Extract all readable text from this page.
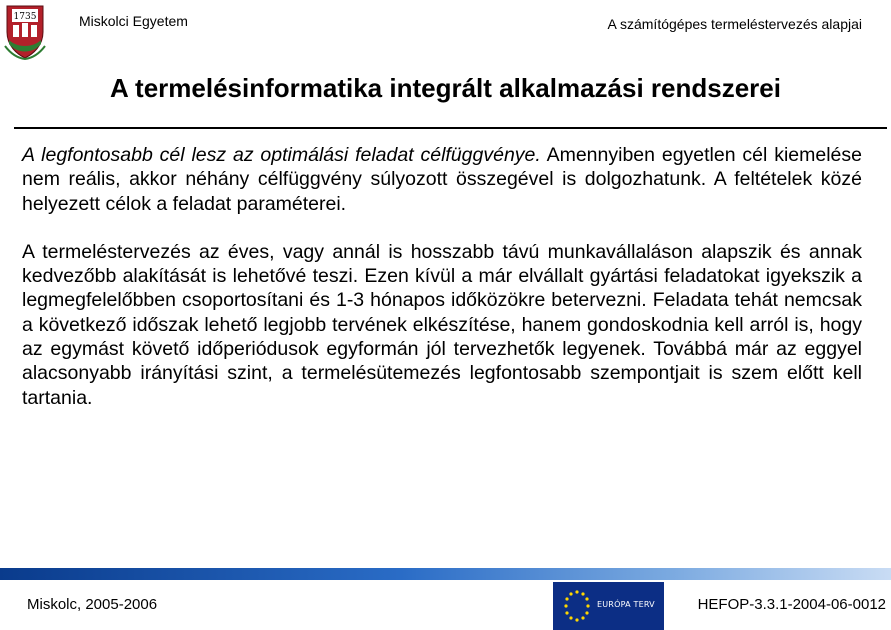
1735	Miskolci Egyetem	A számítógépes termeléstervezés alapjai
A termelésinformatika integrált alkalmazási rendszerei

A legfontosabb cél lesz az optimálási feladat célfüggvénye. Amennyiben egyetlen cél kiemelése nem reális, akkor néhány célfüggvény súlyozott összegével is dolgozhatunk. A feltételek közé helyezett célok a feladat paraméterei.

A termeléstervezés az éves, vagy annál is hosszabb távú munkavállaláson alapszik és annak kedvezőbb alakítását is lehetővé teszi. Ezen kívül a már elvállalt gyártási feladatokat igyekszik a legmegfelelőbben csoportosítani és 1-3 hónapos időközökre betervezni. Feladata tehát nemcsak a következő időszak lehető legjobb tervének elkészítése, hanem gondoskodnia kell arról is, hogy az egymást követő időperiódusok egyformán jól tervezhetők legyenek. Továbbá már az eggyel alacsonyabb irányítási szint, a termelésütemezés legfontosabb szempontjait is szem előtt kell tartania.

Miskolc, 2005-2006	EURÓPA TERV	HEFOP-3.3.1-2004-06-0012
